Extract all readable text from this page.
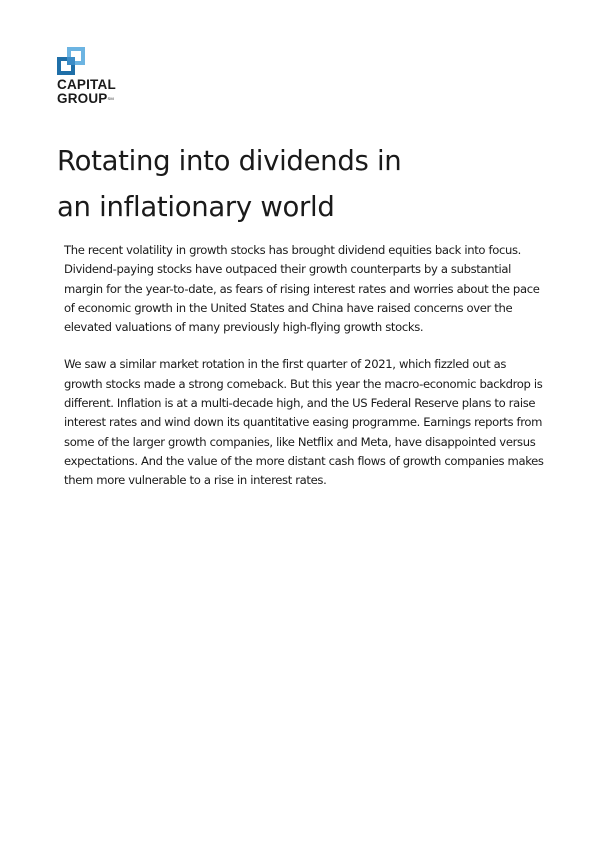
CAPITAL
GROUP℠
Rotating into dividends in
an inflationary world

The recent volatility in growth stocks has brought dividend equities back into focus. Dividend-paying stocks have outpaced their growth counterparts by a substantial margin for the year-to-date, as fears of rising interest rates and worries about the pace of economic growth in the United States and China have raised concerns over the elevated valuations of many previously high-flying growth stocks.

We saw a similar market rotation in the first quarter of 2021, which fizzled out as growth stocks made a strong comeback. But this year the macro-economic backdrop is different. Inflation is at a multi-decade high, and the US Federal Reserve plans to raise interest rates and wind down its quantitative easing programme. Earnings reports from some of the larger growth companies, like Netflix and Meta, have disappointed versus expectations. And the value of the more distant cash flows of growth companies makes them more vulnerable to a rise in interest rates.
